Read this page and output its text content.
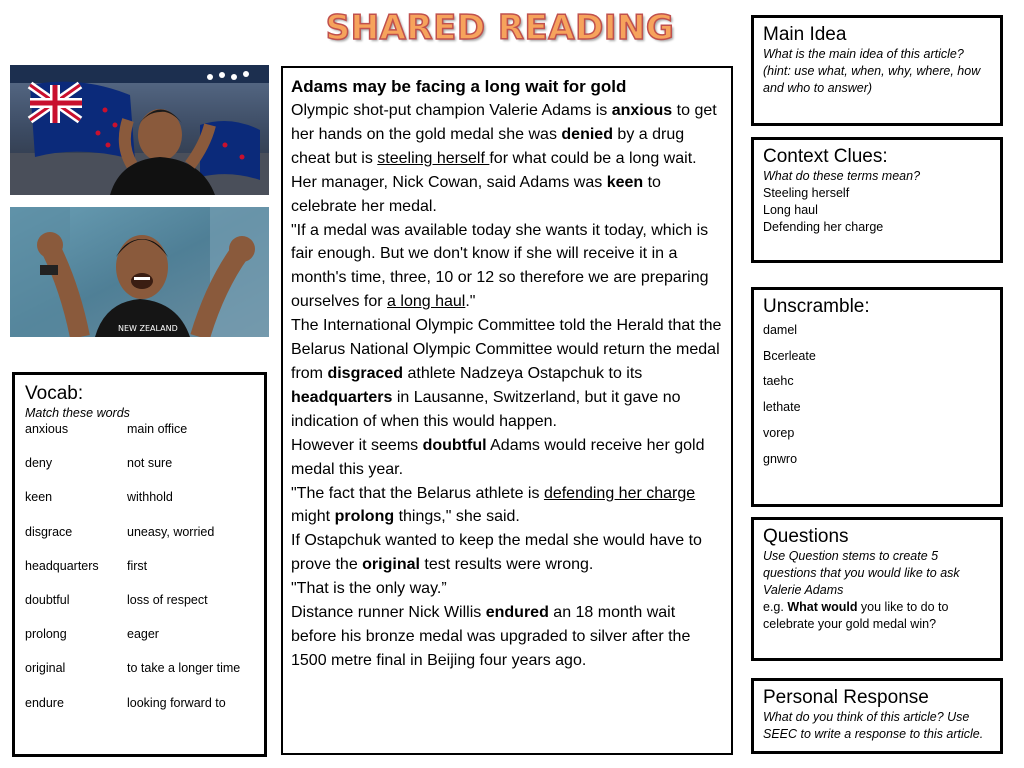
SHARED READING
NEW ZEALAND
Adams may be facing a long wait for gold
Olympic shot-put champion Valerie Adams is anxious to get her hands on the gold medal she was denied by a drug cheat but is steeling herself for what could be a long wait.
Her manager, Nick Cowan, said Adams was keen to celebrate her medal.
"If a medal was available today she wants it today, which is fair enough. But we don't know if she will receive it in a month's time, three, 10 or 12 so therefore we are preparing ourselves for a long haul."
The International Olympic Committee told the Herald that the Belarus National Olympic Committee would return the medal from disgraced athlete Nadzeya Ostapchuk to its headquarters in Lausanne, Switzerland, but it gave no indication of when this would happen.
However it seems doubtful Adams would receive her gold medal this year.
"The fact that the Belarus athlete is defending her charge might prolong things," she said.
If Ostapchuk wanted to keep the medal she would have to prove the original test results were wrong.
"That is the only way.”
Distance runner Nick Willis endured an 18 month wait before his bronze medal was upgraded to silver after the 1500 metre final in Beijing four years ago.
Vocab:
Match these words
anxious	main office
deny	not sure
keen	withhold
disgrace	uneasy, worried
headquarters	first
doubtful	loss of respect
prolong	eager
original	to take a longer time
endure	looking forward to
Main Idea
What is the main idea of this article? (hint: use what, when, why, where, how and who to answer)
Context Clues:
What do these terms mean?
Steeling herself
Long haul
Defending her charge
Unscramble:
damel
Bcerleate
taehc
lethate
vorep
gnwro
Questions
Use Question stems to create 5 questions that you would like to ask Valerie Adams
e.g. What would you like to do to celebrate your gold medal win?
Personal Response
What do you think of this article? Use SEEC to write a response to this article.
